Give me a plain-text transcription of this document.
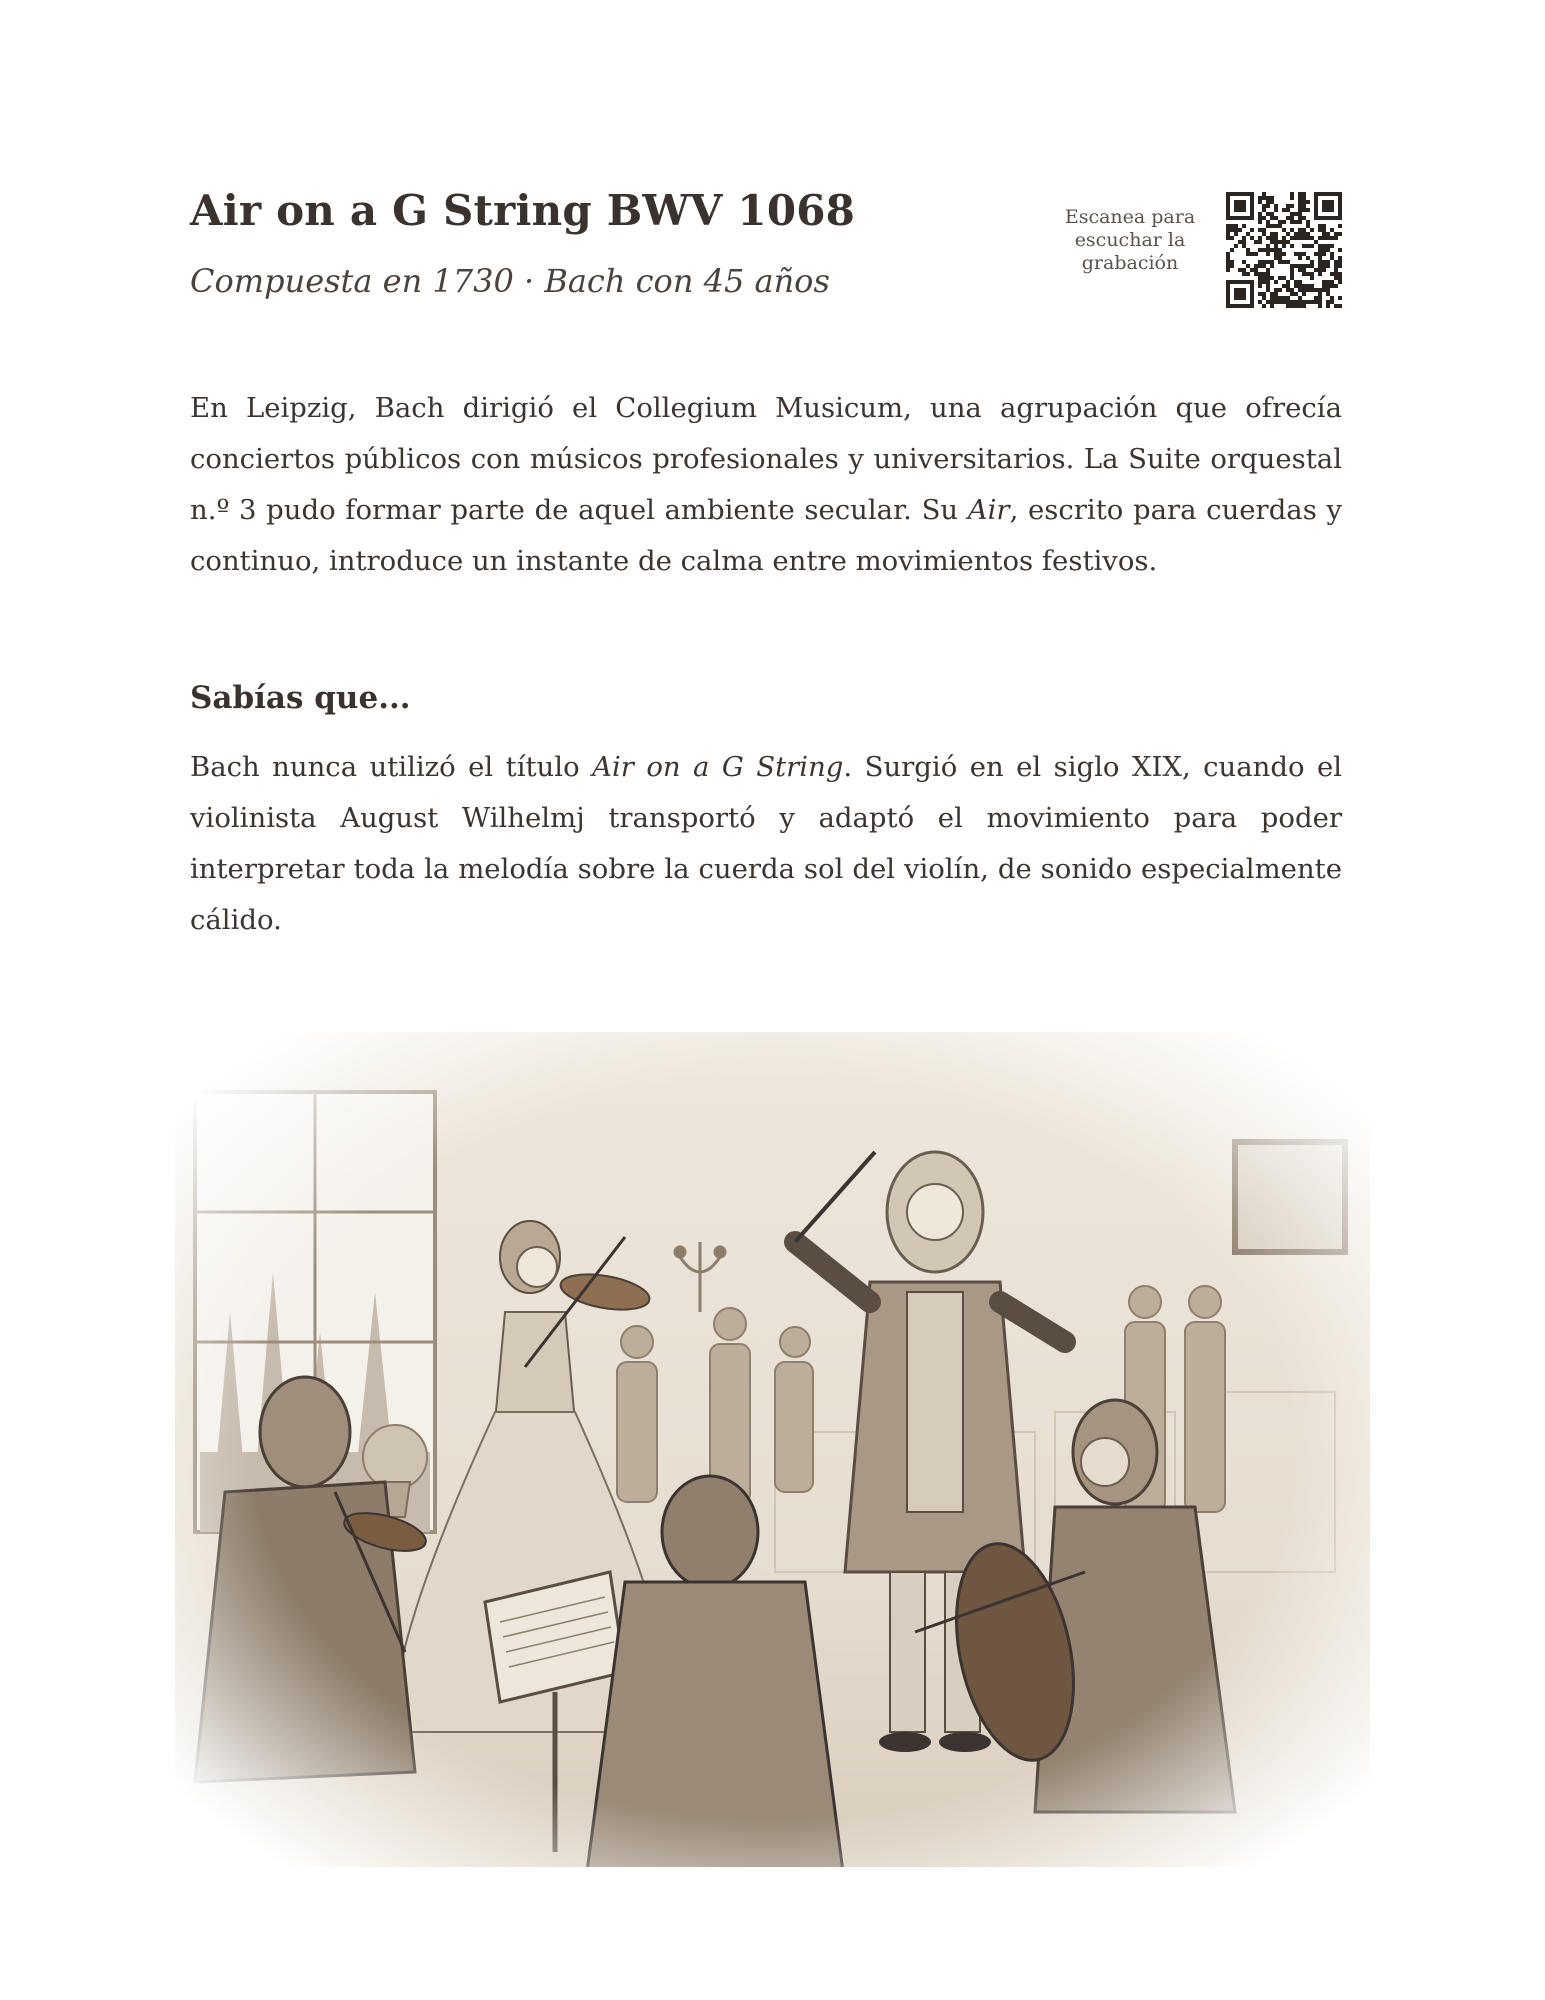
Air on a G String BWV 1068

Compuesta en 1730 · Bach con 45 años

Escanea para escuchar la grabación

En Leipzig, Bach dirigió el Collegium Musicum, una agrupación que ofrecía conciertos públicos con músicos profesionales y universitarios. La Suite orquestal n.º 3 pudo formar parte de aquel ambiente secular. Su Air, escrito para cuerdas y continuo, introduce un instante de calma entre movimientos festivos.

Sabías que...

Bach nunca utilizó el título Air on a G String. Surgió en el siglo XIX, cuando el violinista August Wilhelmj transportó y adaptó el movimiento para poder interpretar toda la melodía sobre la cuerda sol del violín, de sonido especialmente cálido.
